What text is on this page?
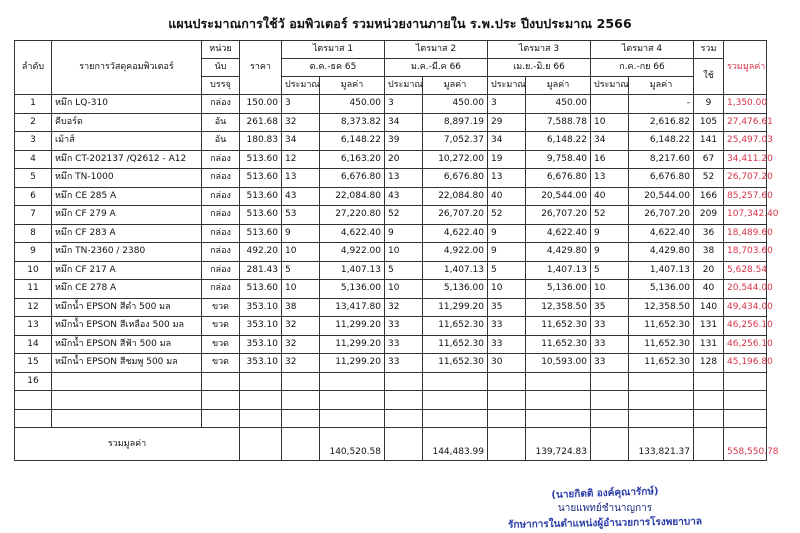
แผนประมาณการใช้วั อมพิวเตอร์ รวมหน่วยงานภายใน ร.พ.ประ ปีงบประมาณ 2566
ลำดับ	รายการวัสดุคอมพิวเตอร์	หน่วย	ราคา	ไตรมาส 1		ไตรมาส 2		ไตรมาส 3		ไตรมาส 4		รวม	รวมมูลค่า
		นับ		ต.ค.-ธค 65		ม.ค.-มี.ค 66		เม.ย.-มิ.ย 66		ก.ค.-กย 66		ใช้	
		บรรจุ		ประมาณ	มูลค่า	ประมาณ	มูลค่า	ประมาณ	มูลค่า	ประมาณ	มูลค่า		
1	หมึก LQ-310	กล่อง	150.00	3	450.00	3	450.00	3	450.00		-	9	1,350.00
2	คีบอร์ด	อัน	261.68	32	8,373.82	34	8,897.19	29	7,588.78	10	2,616.82	105	27,476.61
3	เม้าส์	อัน	180.83	34	6,148.22	39	7,052.37	34	6,148.22	34	6,148.22	141	25,497.03
4	หมึก CT-202137 /Q2612 - A12	กล่อง	513.60	12	6,163.20	20	10,272.00	19	9,758.40	16	8,217.60	67	34,411.20
5	หมึก TN-1000	กล่อง	513.60	13	6,676.80	13	6,676.80	13	6,676.80	13	6,676.80	52	26,707.20
6	หมึก CE 285 A	กล่อง	513.60	43	22,084.80	43	22,084.80	40	20,544.00	40	20,544.00	166	85,257.60
7	หมึก CF 279 A	กล่อง	513.60	53	27,220.80	52	26,707.20	52	26,707.20	52	26,707.20	209	107,342.40
8	หมึก CF 283 A	กล่อง	513.60	9	4,622.40	9	4,622.40	9	4,622.40	9	4,622.40	36	18,489.60
9	หมึก TN-2360 / 2380	กล่อง	492.20	10	4,922.00	10	4,922.00	9	4,429.80	9	4,429.80	38	18,703.60
10	หมึก CF 217 A	กล่อง	281.43	5	1,407.13	5	1,407.13	5	1,407.13	5	1,407.13	20	5,628.54
11	หมึก CE 278 A	กล่อง	513.60	10	5,136.00	10	5,136.00	10	5,136.00	10	5,136.00	40	20,544.00
12	หมึกน้ำ EPSON สีดำ 500 มล	ขวด	353.10	38	13,417.80	32	11,299.20	35	12,358.50	35	12,358.50	140	49,434.00
13	หมึกน้ำ EPSON สีเหลือง 500 มล	ขวด	353.10	32	11,299.20	33	11,652.30	33	11,652.30	33	11,652.30	131	46,256.10
14	หมึกน้ำ EPSON สีฟ้า 500 มล	ขวด	353.10	32	11,299.20	33	11,652.30	33	11,652.30	33	11,652.30	131	46,256.10
15	หมึกน้ำ EPSON สีชมพู 500 มล	ขวด	353.10	32	11,299.20	33	11,652.30	30	10,593.00	33	11,652.30	128	45,196.80
16													

รวมมูลค่า					140,520.58		144,483.99		139,724.83		133,821.37		558,550.78
(นายกิตติ องค์คุณารักษ์)
นายแพทย์ชำนาญการ
รักษาการในตำแหน่งผู้อำนวยการโรงพยาบาล
